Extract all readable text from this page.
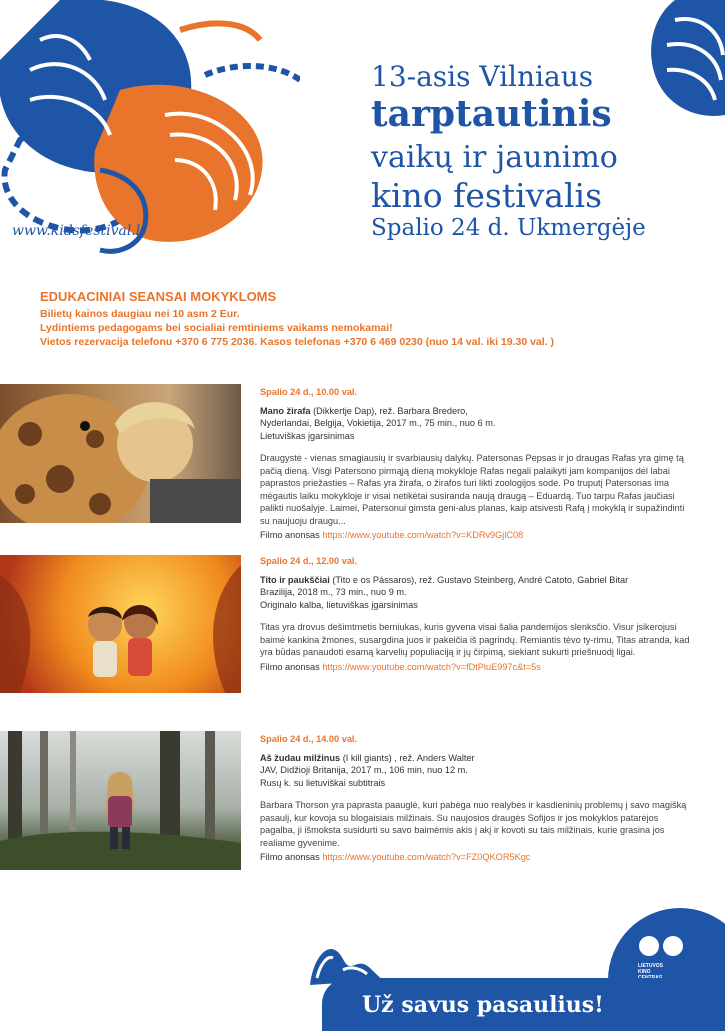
www.kidsfestival.lt
13-asis Vilniaus
tarptautinis
vaikų ir jaunimo
kino festivalis
Spalio 24 d. Ukmergėje
EDUKACINIAI SEANSAI MOKYKLOMS
Bilietų kainos daugiau nei 10 asm 2 Eur.
Lydintiems pedagogams bei socialiai remtiniems vaikams nemokamai!
Vietos rezervacija telefonu +370 6 775 2036. Kasos telefonas +370 6 469 0230 (nuo 14 val. iki 19.30 val. )
Spalio 24 d., 10.00 val.
Mano žirafa (Dikkertje Dap), rež. Barbara Bredero,
Nyderlandai, Belgija, Vokietija, 2017 m., 75 min., nuo 6 m.
Lietuviškas įgarsinimas
Draugystė - vienas smagiausių ir svarbiausių dalykų. Patersonas Pepsas ir jo draugas Rafas yra gimę tą pačią dieną. Visgi Patersono pirmąją dieną mokykloje Rafas negali palaikyti jam kompanijos dėl labai paprastos priežasties – Rafas yra žirafa, o žirafos turi likti zoologijos sode. Po truputį Patersonas ima mėgautis laiku mokykloje ir visai netikėtai susiranda naują draugą – Eduardą. Tuo tarpu Rafas jaučiasi palikti nuošalyje. Laimei, Patersonui gimsta geni-alus planas, kaip atsivesti Rafą į mokyklą ir supažindinti su naujuoju draugu...
Filmo anonsas https://www.youtube.com/watch?v=KDRv9GjlC08
Spalio 24 d., 12.00 val.
Tito ir paukščiai (Tito e os Pássaros), rež. Gustavo Steinberg, André Catoto, Gabriel Bitar
Brazilija, 2018 m., 73 min., nuo 9 m.
Originalo kalba, lietuviškas įgarsinimas
Titas yra drovus dešimtmetis berniukas, kuris gyvena visai šalia pandemijos slenksčio. Visur įsikerojusi baimė kankina žmones, susargdina juos ir pakeičia iš pagrindų. Remiantis tėvo ty-rimu, Titas atranda, kad yra būdas panaudoti esamą karvelių populiaciją ir jų čirpimą, siekiant sukurti priešnuodį ligai.
Filmo anonsas https://www.youtube.com/watch?v=fDtPluE997c&t=5s
Spalio 24 d., 14.00 val.
Aš žudau milžinus (I kill giants) , rež. Anders Walter
JAV, Didžioji Britanija, 2017 m., 106 min, nuo 12 m.
Rusų k. su lietuviškai subtitrais
Barbara Thorson yra paprasta paauglė, kuri pabėga nuo realybės ir kasdieninių problemų į savo magišką pasaulį, kur kovoja su blogaisiais milžinais. Su naujosios draugės Sofijos ir jos mokyklos patarėjos pagalba, ji išmoksta susidurti su savo baimėmis akis į akį ir kovoti su tais milžinais, kurie grasina jos realiame gyvenime.
Filmo anonsas https://www.youtube.com/watch?v=FZ0QKOR5Kgc
LIETUVOS KINO
Už savus pasaulius!
